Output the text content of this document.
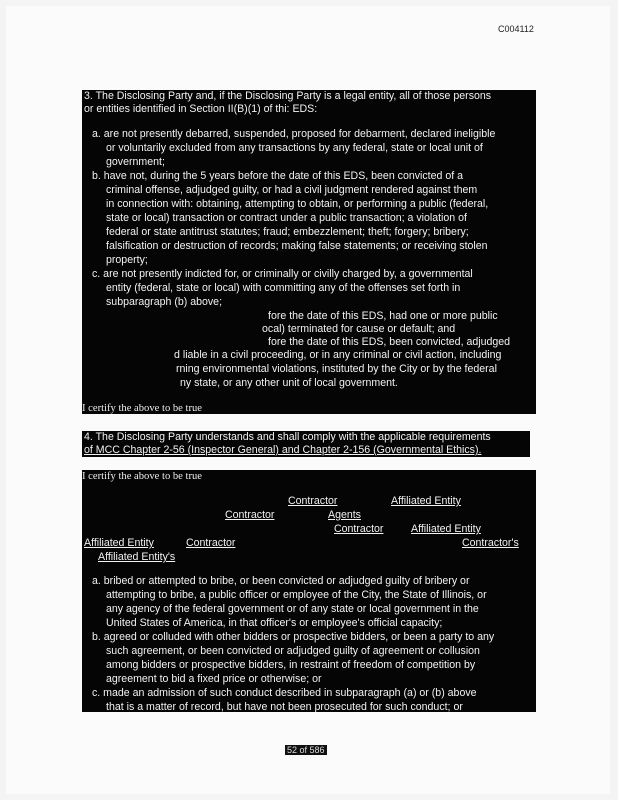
C004112
3. The Disclosing Party and, if the Disclosing Party is a legal entity, all of those persons
or entities identified in Section II(B)(1) of thi: EDS:
a. are not presently debarred, suspended, proposed for debarment, declared ineligible
or voluntarily excluded from any transactions by any federal, state or local unit of
government;
b. have not, during the 5 years before the date of this EDS, been convicted of a
criminal offense, adjudged guilty, or had a civil judgment rendered against them
in connection with: obtaining, attempting to obtain, or performing a public (federal,
state or local) transaction or contract under a public transaction; a violation of
federal or state antitrust statutes; fraud; embezzlement; theft; forgery; bribery;
falsification or destruction of records; making false statements; or receiving stolen
property;
c. are not presently indicted for, or criminally or civilly charged by, a governmental
entity (federal, state or local) with committing any of the offenses set forth in
subparagraph (b) above;
fore the date of this EDS, had one or more public
ocal) terminated for cause or default; and
fore the date of this EDS, been convicted, adjudged
d liable in a civil proceeding, or in any criminal or civil action, including
rning environmental violations, instituted by the City or by the federal
ny state, or any other unit of local government.
I certify the above to be true
4. The Disclosing Party understands and shall comply with the applicable requirements
of MCC Chapter 2-56 (Inspector General) and Chapter 2-156 (Governmental Ethics).
I certify the above to be true
Contractor	Affiliated Entity
Contractor	Agents
Contractor	Affiliated Entity
Affiliated Entity	Contractor	Contractor's
Affiliated Entity's
a. bribed or attempted to bribe, or been convicted or adjudged guilty of bribery or
attempting to bribe, a public officer or employee of the City, the State of Illinois, or
any agency of the federal government or of any state or local government in the
United States of America, in that officer's or employee's official capacity;
b. agreed or colluded with other bidders or prospective bidders, or been a party to any
such agreement, or been convicted or adjudged guilty of agreement or collusion
among bidders or prospective bidders, in restraint of freedom of competition by
agreement to bid a fixed price or otherwise; or
c. made an admission of such conduct described in subparagraph (a) or (b) above
that is a matter of record, but have not been prosecuted for such conduct; or
52 of 586
